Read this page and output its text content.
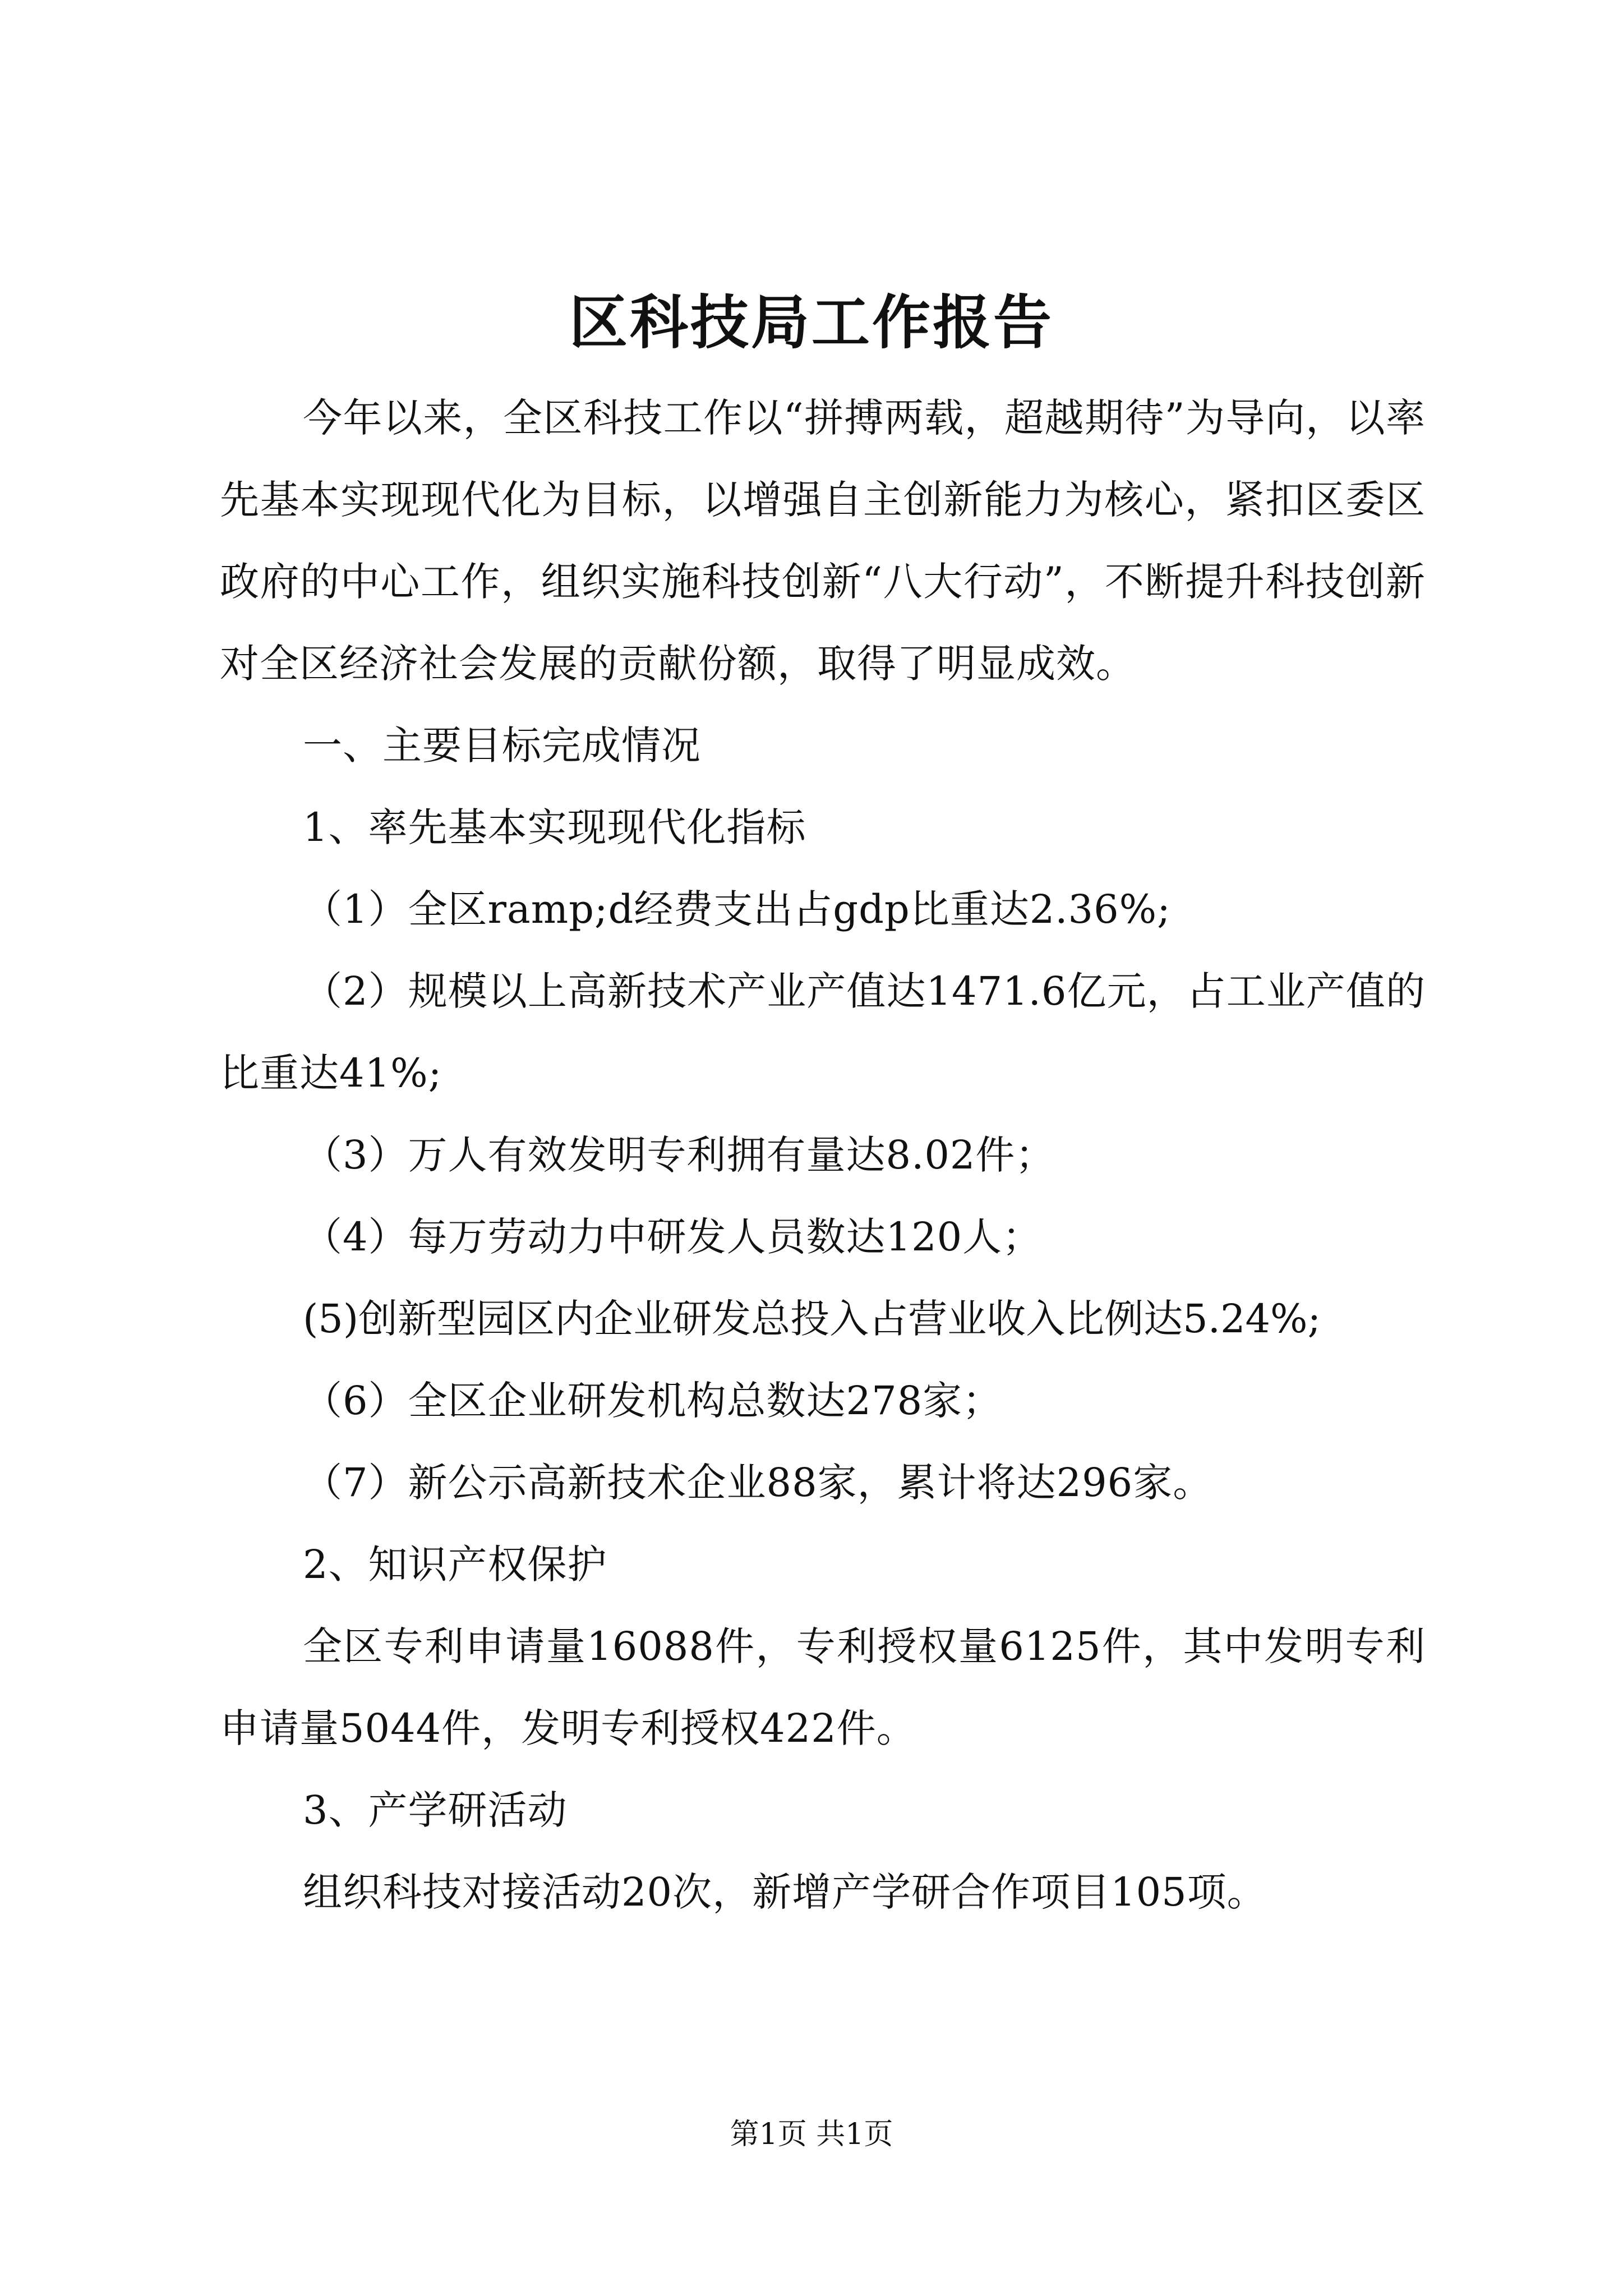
区科技局工作报告

今年以来，全区科技工作以“拼搏两载，超越期待”为导向，以率先基本实现现代化为目标，以增强自主创新能力为核心，紧扣区委区政府的中心工作，组织实施科技创新“八大行动”，不断提升科技创新对全区经济社会发展的贡献份额，取得了明显成效。

一、主要目标完成情况

1、率先基本实现现代化指标

（1）全区ramp;d经费支出占gdp比重达2.36%;

（2）规模以上高新技术产业产值达1471.6亿元，占工业产值的比重达41%;

（3）万人有效发明专利拥有量达8.02件；

（4）每万劳动力中研发人员数达120人；

(5)创新型园区内企业研发总投入占营业收入比例达5.24%;

（6）全区企业研发机构总数达278家；

（7）新公示高新技术企业88家，累计将达296家。

2、知识产权保护

全区专利申请量16088件，专利授权量6125件，其中发明专利申请量5044件，发明专利授权422件。

3、产学研活动

组织科技对接活动20次，新增产学研合作项目105项。

第1页 共1页
